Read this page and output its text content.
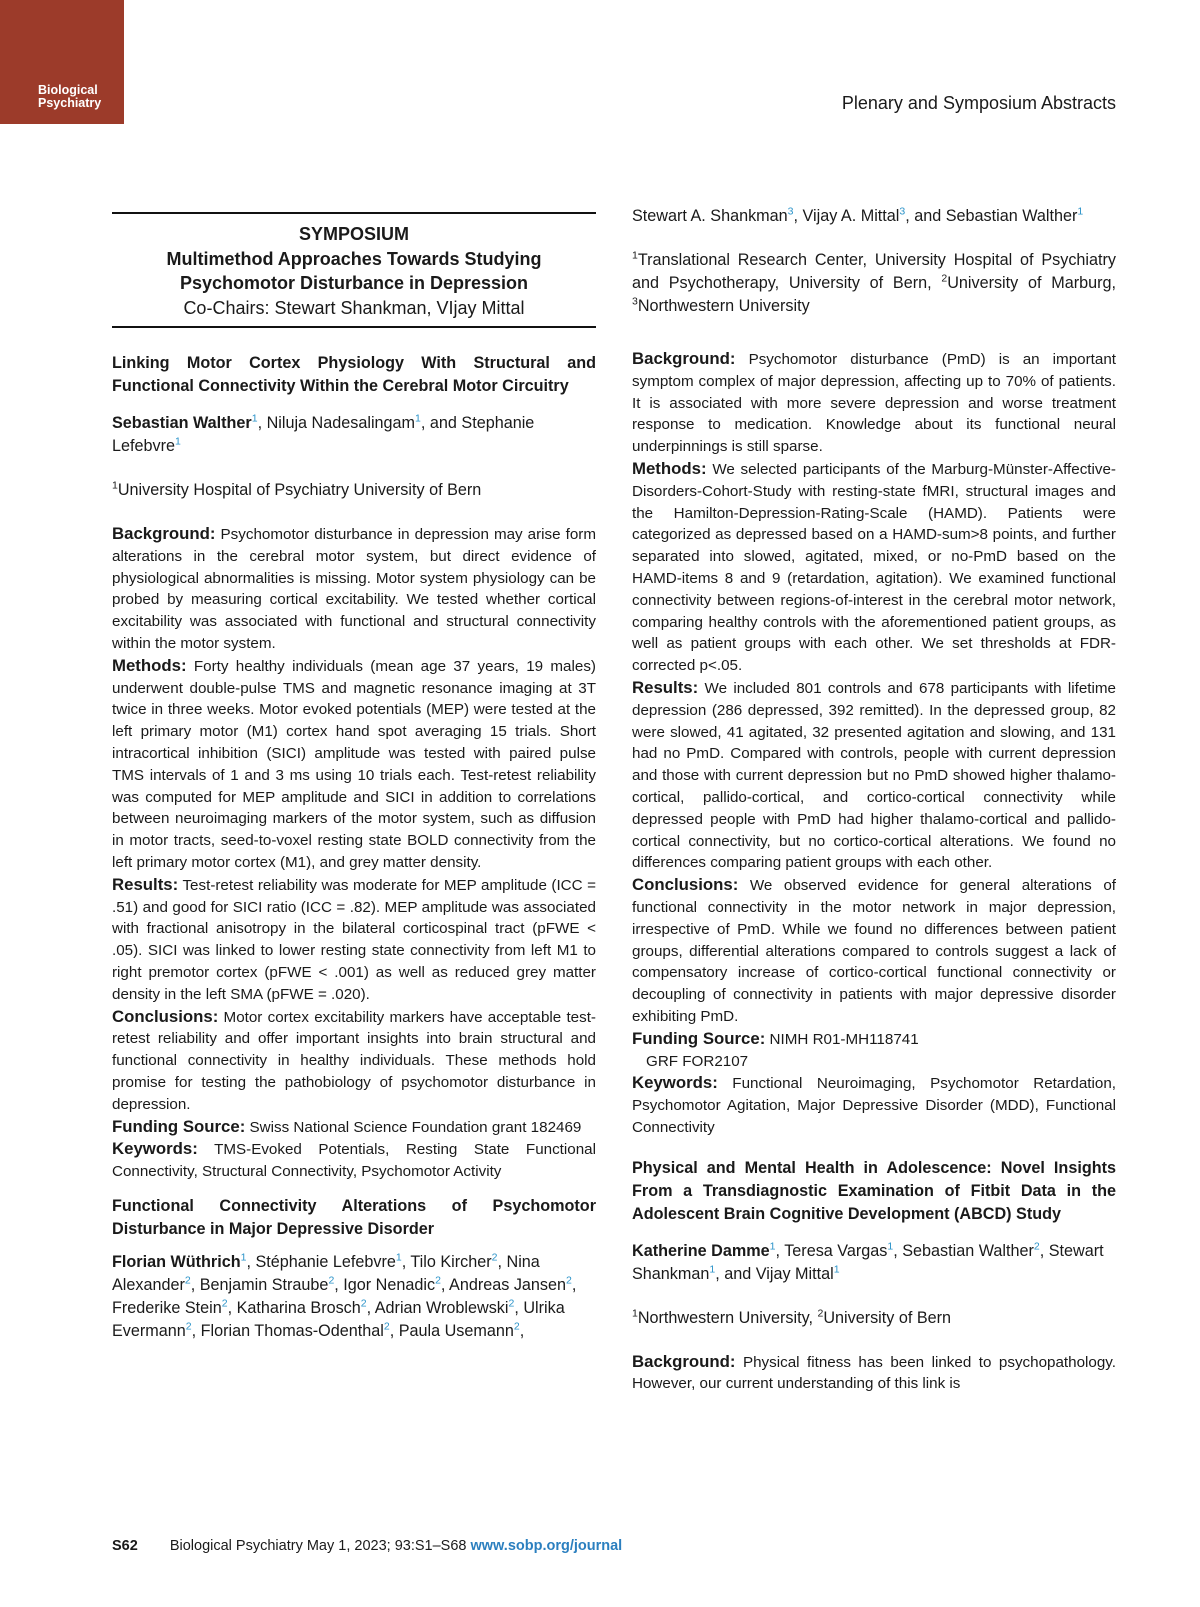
Biological
Psychiatry	Plenary and Symposium Abstracts
SYMPOSIUM
Multimethod Approaches Towards Studying
Psychomotor Disturbance in Depression
Co-Chairs: Stewart Shankman, VIjay Mittal

Linking Motor Cortex Physiology With Structural and Functional Connectivity Within the Cerebral Motor Circuitry

Sebastian Walther$^1$, Niluja Nadesalingam$^1$, and Stephanie Lefebvre$^1$

$^1$University Hospital of Psychiatry University of Bern

Background: Psychomotor disturbance in depression may arise form alterations in the cerebral motor system, but direct evidence of physiological abnormalities is missing. Motor system physiology can be probed by measuring cortical excitability. We tested whether cortical excitability was associated with functional and structural connectivity within the motor system.

Methods: Forty healthy individuals (mean age 37 years, 19 males) underwent double-pulse TMS and magnetic resonance imaging at 3T twice in three weeks. Motor evoked potentials (MEP) were tested at the left primary motor (M1) cortex hand spot averaging 15 trials. Short intracortical inhibition (SICI) amplitude was tested with paired pulse TMS intervals of 1 and 3 ms using 10 trials each. Test-retest reliability was computed for MEP amplitude and SICI in addition to correlations between neuroimaging markers of the motor system, such as diffusion in motor tracts, seed-to-voxel resting state BOLD connectivity from the left primary motor cortex (M1), and grey matter density.

Results: Test-retest reliability was moderate for MEP amplitude (ICC = .51) and good for SICI ratio (ICC = .82). MEP amplitude was associated with fractional anisotropy in the bilateral corticospinal tract (pFWE < .05). SICI was linked to lower resting state connectivity from left M1 to right premotor cortex (pFWE < .001) as well as reduced grey matter density in the left SMA (pFWE = .020).

Conclusions: Motor cortex excitability markers have acceptable test-retest reliability and offer important insights into brain structural and functional connectivity in healthy individuals. These methods hold promise for testing the pathobiology of psychomotor disturbance in depression.

Funding Source: Swiss National Science Foundation grant 182469

Keywords: TMS-Evoked Potentials, Resting State Functional Connectivity, Structural Connectivity, Psychomotor Activity

Functional Connectivity Alterations of Psychomotor Disturbance in Major Depressive Disorder

Florian Wüthrich$^1$, Stéphanie Lefebvre$^1$, Tilo Kircher$^2$, Nina Alexander$^2$, Benjamin Straube$^2$, Igor Nenadic$^2$, Andreas Jansen$^2$, Frederike Stein$^2$, Katharina Brosch$^2$, Adrian Wroblewski$^2$, Ulrika Evermann$^2$, Florian Thomas-Odenthal$^2$, Paula Usemann$^2$,

Stewart A. Shankman$^3$, Vijay A. Mittal$^3$, and Sebastian Walther$^1$

$^1$Translational Research Center, University Hospital of Psychiatry and Psychotherapy, University of Bern, $^2$University of Marburg, $^3$Northwestern University

Background: Psychomotor disturbance (PmD) is an important symptom complex of major depression, affecting up to 70% of patients. It is associated with more severe depression and worse treatment response to medication. Knowledge about its functional neural underpinnings is still sparse.

Methods: We selected participants of the Marburg-Münster-Affective-Disorders-Cohort-Study with resting-state fMRI, structural images and the Hamilton-Depression-Rating-Scale (HAMD). Patients were categorized as depressed based on a HAMD-sum>8 points, and further separated into slowed, agitated, mixed, or no-PmD based on the HAMD-items 8 and 9 (retardation, agitation). We examined functional connectivity between regions-of-interest in the cerebral motor network, comparing healthy controls with the aforementioned patient groups, as well as patient groups with each other. We set thresholds at FDR-corrected p<.05.

Results: We included 801 controls and 678 participants with lifetime depression (286 depressed, 392 remitted). In the depressed group, 82 were slowed, 41 agitated, 32 presented agitation and slowing, and 131 had no PmD. Compared with controls, people with current depression and those with current depression but no PmD showed higher thalamo-cortical, pallido-cortical, and cortico-cortical connectivity while depressed people with PmD had higher thalamo-cortical and pallido-cortical connectivity, but no cortico-cortical alterations. We found no differences comparing patient groups with each other.

Conclusions: We observed evidence for general alterations of functional connectivity in the motor network in major depression, irrespective of PmD. While we found no differences between patient groups, differential alterations compared to controls suggest a lack of compensatory increase of cortico-cortical functional connectivity or decoupling of connectivity in patients with major depressive disorder exhibiting PmD.

Funding Source: NIMH R01-MH118741

GRF FOR2107

Keywords: Functional Neuroimaging, Psychomotor Retardation, Psychomotor Agitation, Major Depressive Disorder (MDD), Functional Connectivity

Physical and Mental Health in Adolescence: Novel Insights From a Transdiagnostic Examination of Fitbit Data in the Adolescent Brain Cognitive Development (ABCD) Study

Katherine Damme$^1$, Teresa Vargas$^1$, Sebastian Walther$^2$, Stewart Shankman$^1$, and Vijay Mittal$^1$

$^1$Northwestern University, $^2$University of Bern

Background: Physical fitness has been linked to psychopathology. However, our current understanding of this link is

S62 Biological Psychiatry May 1, 2023; 93:S1–S68 www.sobp.org/journal
